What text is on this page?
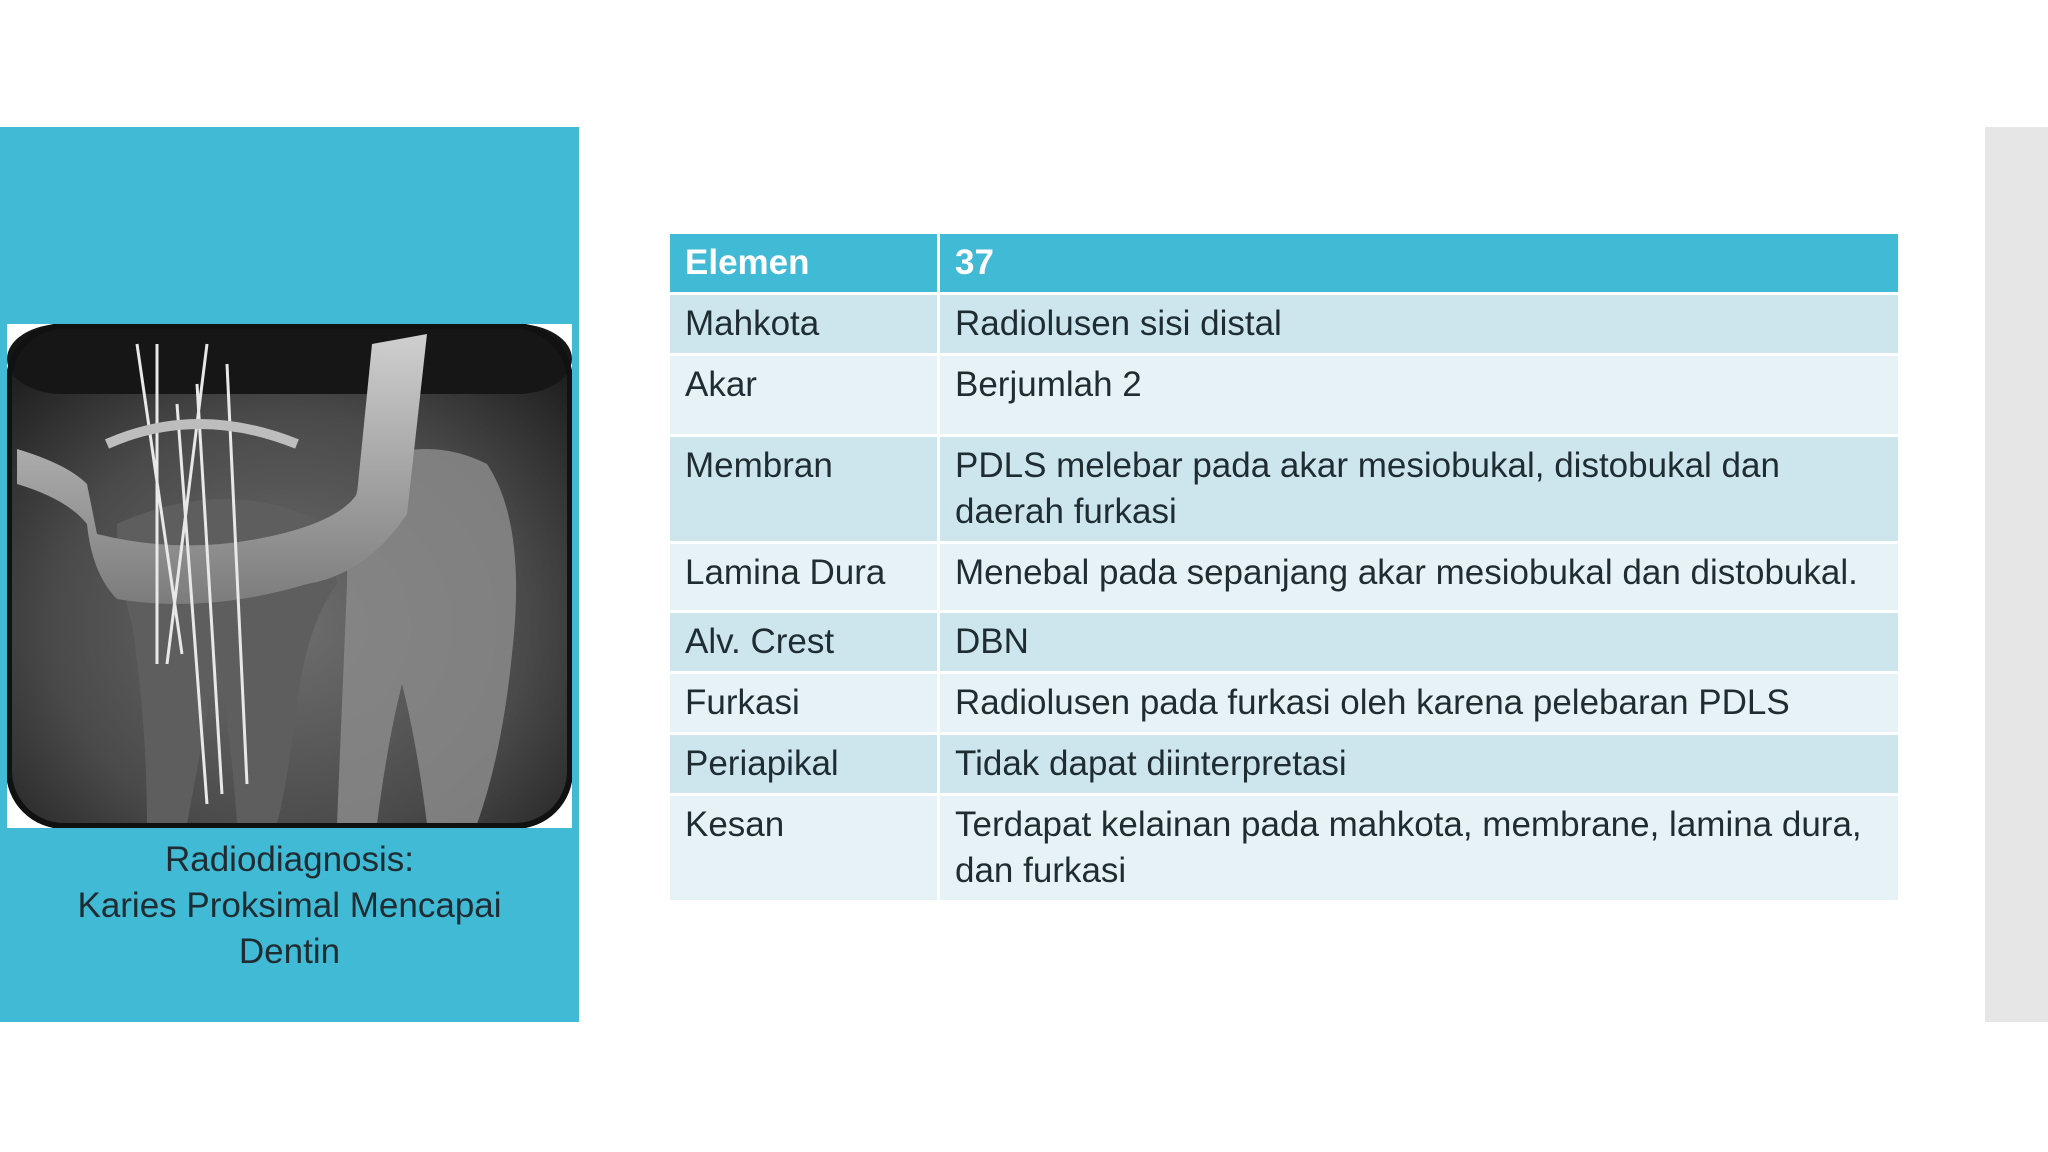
Radiodiagnosis:
Karies Proksimal Mencapai
Dentin
Elemen	37
Mahkota	Radiolusen sisi distal
Akar	Berjumlah 2
Membran	PDLS melebar pada akar mesiobukal, distobukal dan daerah furkasi
Lamina Dura	Menebal pada sepanjang akar mesiobukal dan distobukal.
Alv. Crest	DBN
Furkasi	Radiolusen pada furkasi oleh karena pelebaran PDLS
Periapikal	Tidak dapat diinterpretasi
Kesan	Terdapat kelainan pada mahkota, membrane, lamina dura, dan furkasi
